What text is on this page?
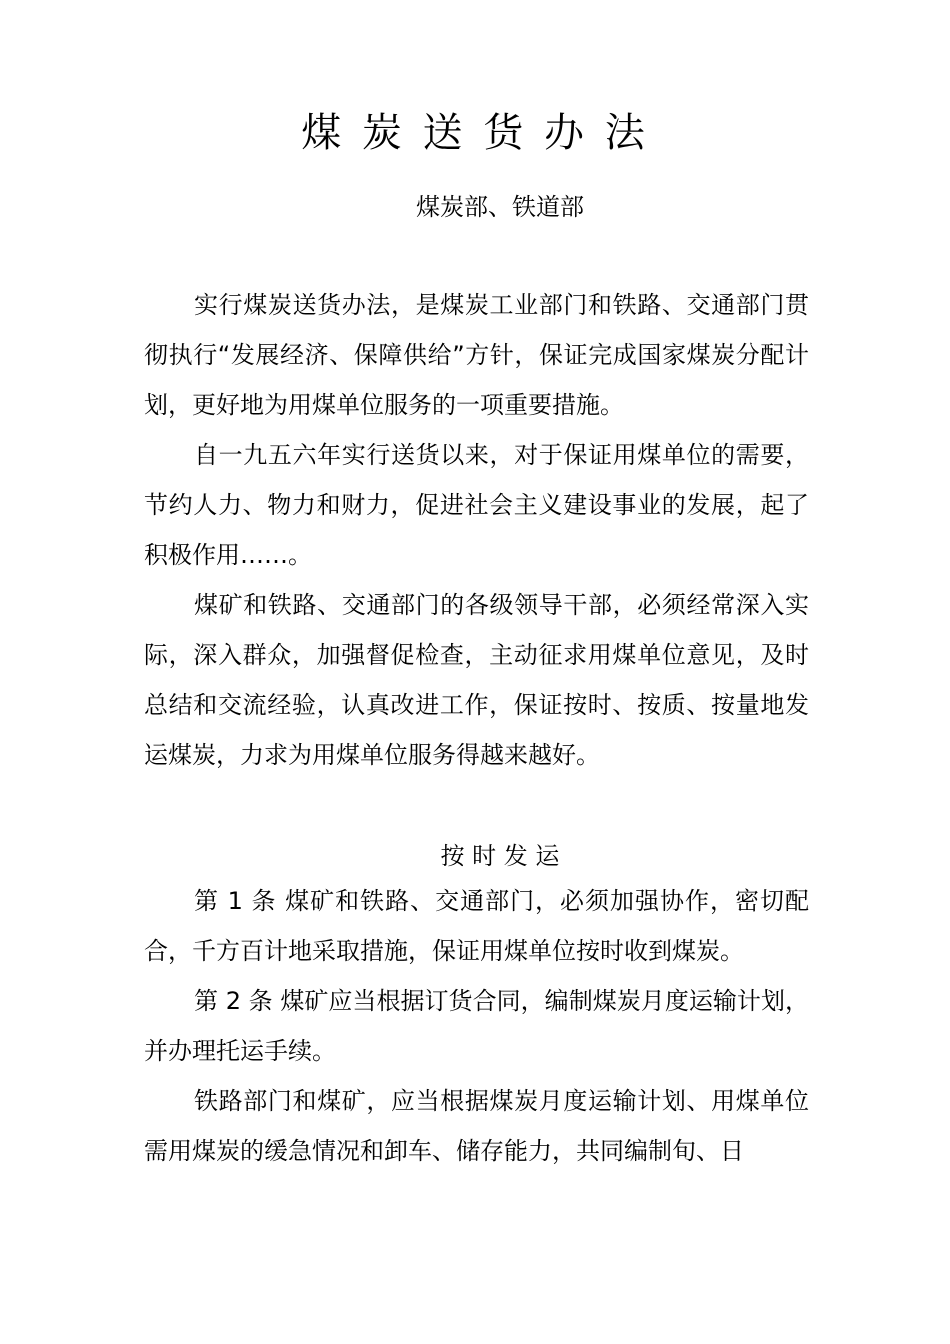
煤 炭 送 货 办 法
煤炭部、铁道部

实行煤炭送货办法，是煤炭工业部门和铁路、交通部门贯彻执行“发展经济、保障供给”方针，保证完成国家煤炭分配计划，更好地为用煤单位服务的一项重要措施。

自一九五六年实行送货以来，对于保证用煤单位的需要，节约人力、物力和财力，促进社会主义建设事业的发展，起了积极作用……。

煤矿和铁路、交通部门的各级领导干部，必须经常深入实际，深入群众，加强督促检查，主动征求用煤单位意见，及时总结和交流经验，认真改进工作，保证按时、按质、按量地发运煤炭，力求为用煤单位服务得越来越好。

按 时 发 运

第 1 条 煤矿和铁路、交通部门，必须加强协作，密切配合，千方百计地采取措施，保证用煤单位按时收到煤炭。

第 2 条 煤矿应当根据订货合同，编制煤炭月度运输计划，并办理托运手续。

铁路部门和煤矿，应当根据煤炭月度运输计划、用煤单位需用煤炭的缓急情况和卸车、储存能力，共同编制旬、日
